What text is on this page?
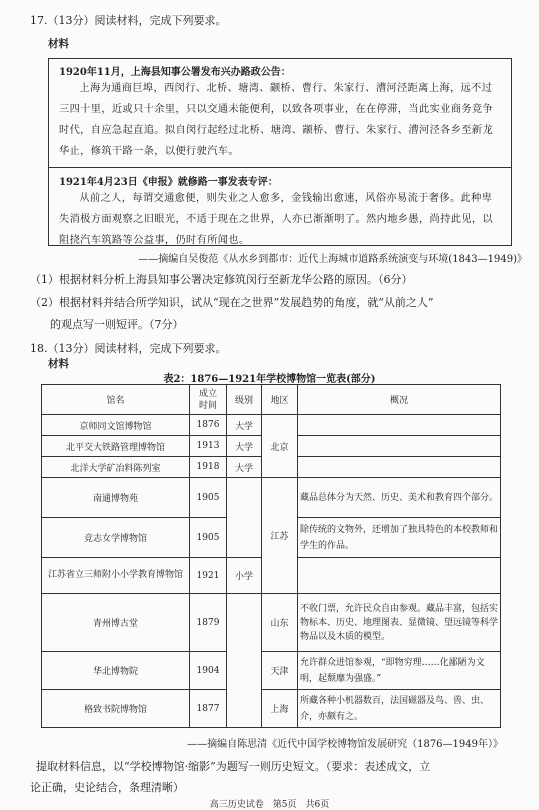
17.（13分）阅读材料，完成下列要求。
材料
1920年11月，上海县知事公署发布兴办路政公告：

上海为通商巨埠，西闵行、北桥、塘湾、颛桥、曹行、朱家行、漕河泾距离上海，远不过三四十里，近或只十余里，只以交通未能便利，以致各项事业，在在停滞，当此实业商务竞争时代，自应急起直追。拟自闵行起经过北桥、塘湾、颛桥、曹行、朱家行、漕河泾各乡至新龙华止，修筑干路一条，以便行驶汽车。

1921年4月23日《申报》就修路一事发表专评：

从前之人，每谓交通愈便，则失业之人愈多，金钱输出愈速，风俗亦易流于奢侈。此种卑失消极方面观察之旧眼光，不适于现在之世界，人亦已渐渐明了。然内地乡愚，尚持此见，以阻挠汽车筑路等公益事，仍时有所闻也。

——摘编自吴俊范《从水乡到都市：近代上海城市道路系统演变与环境(1843—1949)》
（1）根据材料分析上海县知事公署决定修筑闵行至新龙华公路的原因。（6分）
（2）根据材料并结合所学知识，试从“现在之世界”发展趋势的角度，就“从前之人”
的观点写一则短评。（7分）
18.（13分）阅读材料，完成下列要求。
材料
表2：1876—1921年学校博物馆一览表(部分)
馆名	成立
时间	级别	地区	概况
京师同文馆博物馆	1876	大学	北京	
北平交大铁路管理博物馆	1913	大学		
北洋大学矿冶料陈列室	1918	大学		
南通博物苑	1905		江苏	藏品总体分为天然、历史、美术和教育四个部分。
竞志女学博物馆	1905			除传统的文物外，还增加了独具特色的本校教师和学生的作品。
江苏省立三师附小小学教育博物馆	1921	小学		
青州博古堂	1879		山东	不收门票，允许民众自由参观。藏品丰富，包括实物标本、历史、地理图表、显微镜、望远镜等科学物品以及木质的模型。
华北博物院	1904		天津	允许群众进馆参观，“即物穷理……化鄙陋为文明，起颓靡为强盛。”
格致书院博物馆	1877		上海	所藏各种小机器数百，法国磁器及鸟、兽、虫、介，亦颇有之。
——摘编自陈思清《近代中国学校博物馆发展研究（1876—1949年）》
提取材料信息，以“学校博物馆·缩影”为题写一则历史短文。（要求：表述成文，立
论正确，史论结合，条理清晰）
高三历史试卷　第5页　共6页
